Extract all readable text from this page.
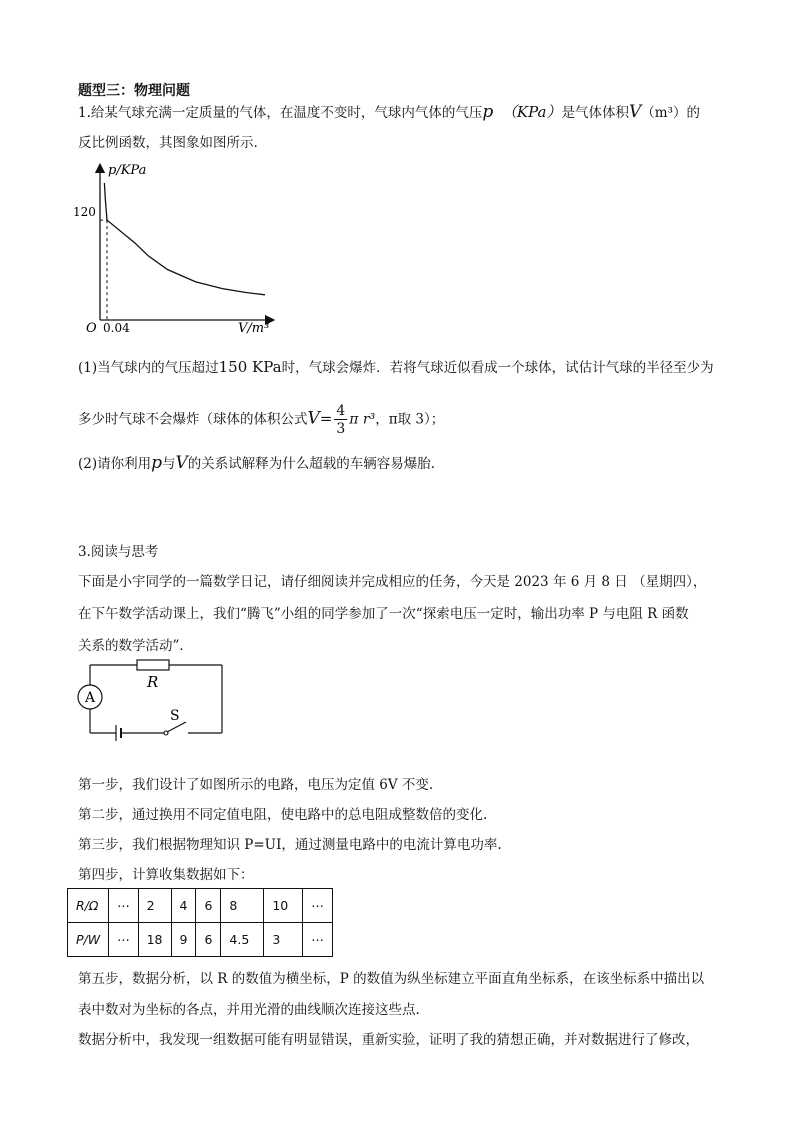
题型三：物理问题
1.给某气球充满一定质量的气体，在温度不变时，气球内气体的气压p （KPa）是气体体积V（m³）的
反比例函数，其图象如图所示.
p/KPa
120
O 0.04	V/m³
(1)当气球内的气压超过150 KPa时，气球会爆炸．若将气球近似看成一个球体，试估计气球的半径至少为
多少时气球不会爆炸（球体的体积公式$V= \frac{4}{3}$ π r³，π取 3）；
(2)请你利用p与V的关系试解释为什么超载的车辆容易爆胎.
3.阅读与思考
下面是小宇同学的一篇数学日记，请仔细阅读并完成相应的任务，今天是 2023 年 6 月 8 日 （星期四），
在下午数学活动课上，我们“腾飞”小组的同学参加了一次“探索电压一定时，输出功率 P 与电阻 R 函数
关系的数学活动”．
A
R
S
第一步，我们设计了如图所示的电路，电压为定值 6V 不变.
第二步，通过换用不同定值电阻，使电路中的总电阻成整数倍的变化.
第三步，我们根据物理知识 P=UI，通过测量电路中的电流计算电功率.
第四步，计算收集数据如下：
R/Ω	⋯	2	4	6	8	10	⋯
P/W	⋯	18	9	6	4.5	3	⋯
第五步，数据分析，以 R 的数值为横坐标，P 的数值为纵坐标建立平面直角坐标系，在该坐标系中描出以
表中数对为坐标的各点，并用光滑的曲线顺次连接这些点.
数据分析中，我发现一组数据可能有明显错误，重新实验，证明了我的猜想正确，并对数据进行了修改，
